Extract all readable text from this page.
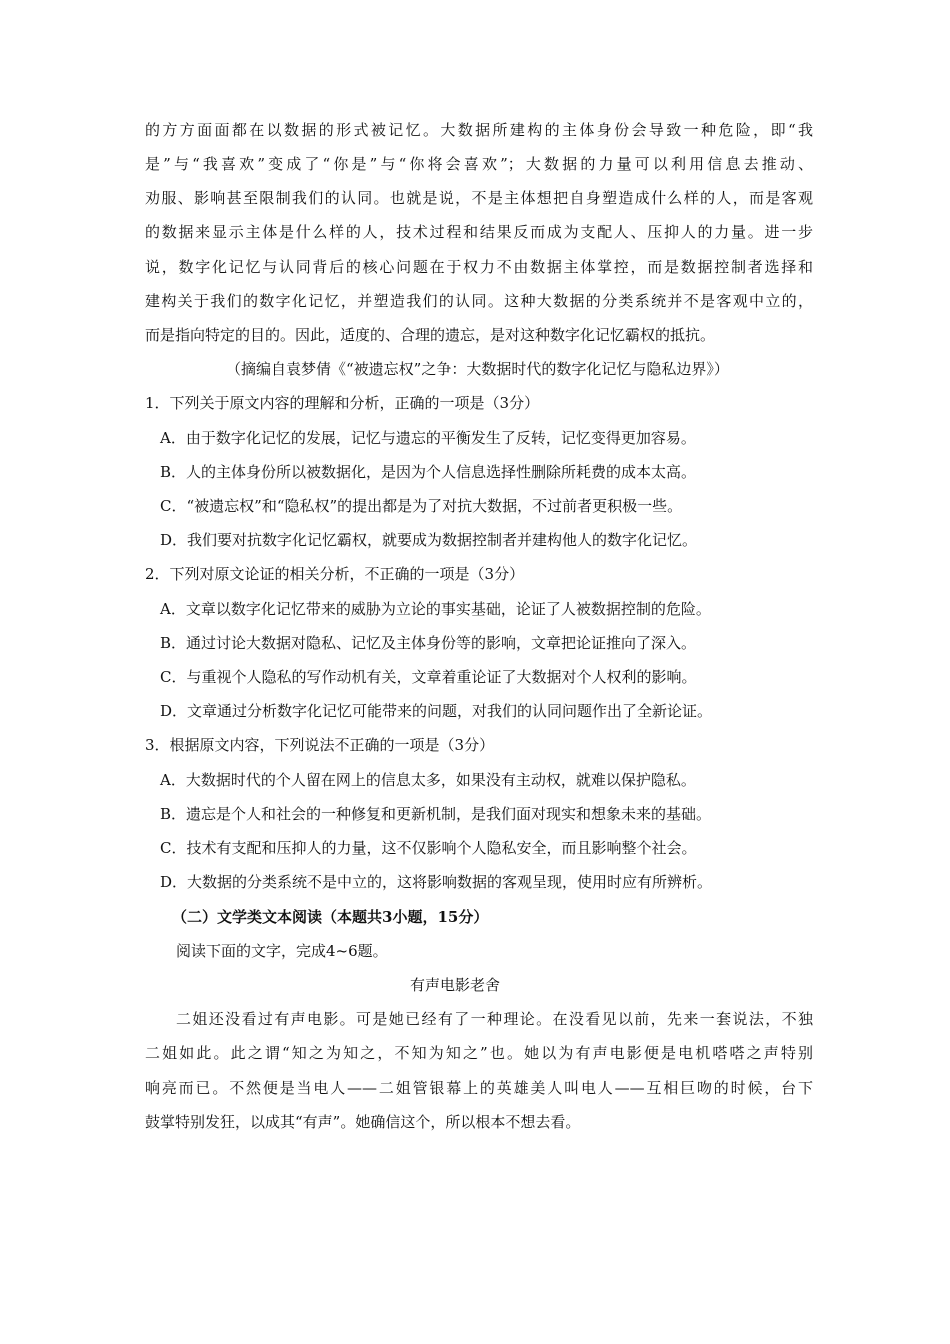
的方方面面都在以数据的形式被记忆。大数据所建构的主体身份会导致一种危险，即“我
是”与“我喜欢”变成了“你是”与“你将会喜欢”；大数据的力量可以利用信息去推动、
劝服、影响甚至限制我们的认同。也就是说，不是主体想把自身塑造成什么样的人，而是客观
的数据来显示主体是什么样的人，技术过程和结果反而成为支配人、压抑人的力量。进一步
说，数字化记忆与认同背后的核心问题在于权力不由数据主体掌控，而是数据控制者选择和
建构关于我们的数字化记忆，并塑造我们的认同。这种大数据的分类系统并不是客观中立的，
而是指向特定的目的。因此，适度的、合理的遗忘，是对这种数字化记忆霸权的抵抗。
（摘编自袁梦倩《“被遗忘权”之争：大数据时代的数字化记忆与隐私边界》）
1．下列关于原文内容的理解和分析，正确的一项是（3分）
A．由于数字化记忆的发展，记忆与遗忘的平衡发生了反转，记忆变得更加容易。
B．人的主体身份所以被数据化，是因为个人信息选择性删除所耗费的成本太高。
C．“被遗忘权”和“隐私权”的提出都是为了对抗大数据，不过前者更积极一些。
D．我们要对抗数字化记忆霸权，就要成为数据控制者并建构他人的数字化记忆。
2．下列对原文论证的相关分析，不正确的一项是（3分）
A．文章以数字化记忆带来的威胁为立论的事实基础，论证了人被数据控制的危险。
B．通过讨论大数据对隐私、记忆及主体身份等的影响，文章把论证推向了深入。
C．与重视个人隐私的写作动机有关，文章着重论证了大数据对个人权利的影响。
D．文章通过分析数字化记忆可能带来的问题，对我们的认同问题作出了全新论证。
3．根据原文内容，下列说法不正确的一项是（3分）
A．大数据时代的个人留在网上的信息太多，如果没有主动权，就难以保护隐私。
B．遗忘是个人和社会的一种修复和更新机制，是我们面对现实和想象未来的基础。
C．技术有支配和压抑人的力量，这不仅影响个人隐私安全，而且影响整个社会。
D．大数据的分类系统不是中立的，这将影响数据的客观呈现，使用时应有所辨析。
（二）文学类文本阅读（本题共3小题，15分）
阅读下面的文字，完成4~6题。
有声电影老舍
二姐还没看过有声电影。可是她已经有了一种理论。在没看见以前，先来一套说法，不独
二姐如此。此之谓“知之为知之，不知为知之”也。她以为有声电影便是电机嗒嗒之声特别
响亮而已。不然便是当电人——二姐管银幕上的英雄美人叫电人——互相巨吻的时候，台下
鼓掌特别发狂，以成其“有声”。她确信这个，所以根本不想去看。
